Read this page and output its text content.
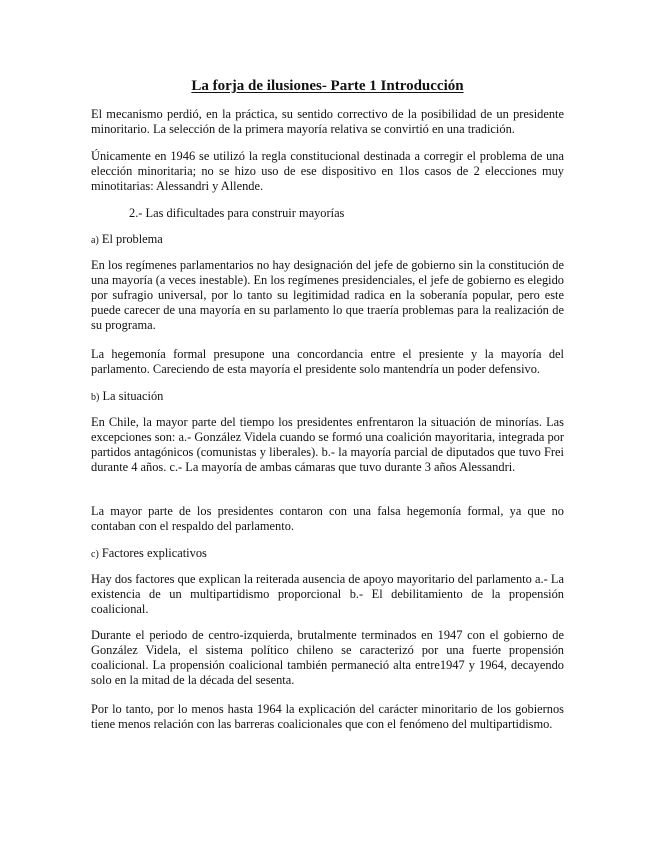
La forja de ilusiones- Parte 1 Introducción

El mecanismo perdió, en la práctica, su sentido correctivo de la posibilidad de un presidente minoritario. La selección de la primera mayoría relativa se convirtió en una tradición.

Únicamente en 1946 se utilizó la regla constitucional destinada a corregir el problema de una elección minoritaria; no se hizo uso de ese dispositivo en 1los casos de 2 elecciones muy minotitarias: Alessandri y Allende.

2.- Las dificultades para construir mayorías

a) El problema

En los regímenes parlamentarios no hay designación del jefe de gobierno sin la constitución de una mayoría (a veces inestable). En los regímenes presidenciales, el jefe de gobierno es elegido por sufragio universal, por lo tanto su legitimidad radica en la soberanía popular, pero este puede carecer de una mayoría en su parlamento lo que traería problemas para la realización de su programa.

La hegemonía formal presupone una concordancia entre el presiente y la mayoría del parlamento. Careciendo de esta mayoría el presidente solo mantendría un poder defensivo.

b) La situación

En Chile, la mayor parte del tiempo los presidentes enfrentaron la situación de minorías. Las excepciones son: a.- González Videla cuando se formó una coalición mayoritaria, integrada por partidos antagónicos (comunistas y liberales). b.- la mayoría parcial de diputados que tuvo Frei durante 4 años. c.- La mayoría de ambas cámaras que tuvo durante 3 años Alessandri.

La mayor parte de los presidentes contaron con una falsa hegemonía formal, ya que no contaban con el respaldo del parlamento.

c) Factores explicativos

Hay dos factores que explican la reiterada ausencia de apoyo mayoritario del parlamento a.- La existencia de un multipartidismo proporcional b.- El debilitamiento de la propensión coalicional.

Durante el periodo de centro-izquierda, brutalmente terminados en 1947 con el gobierno de González Videla, el sistema político chileno se caracterizó por una fuerte propensión coalicional. La propensión coalicional también permaneció alta entre1947 y 1964, decayendo solo en la mitad de la década del sesenta.

Por lo tanto, por lo menos hasta 1964 la explicación del carácter minoritario de los gobiernos tiene menos relación con las barreras coalicionales que con el fenómeno del multipartidismo.
